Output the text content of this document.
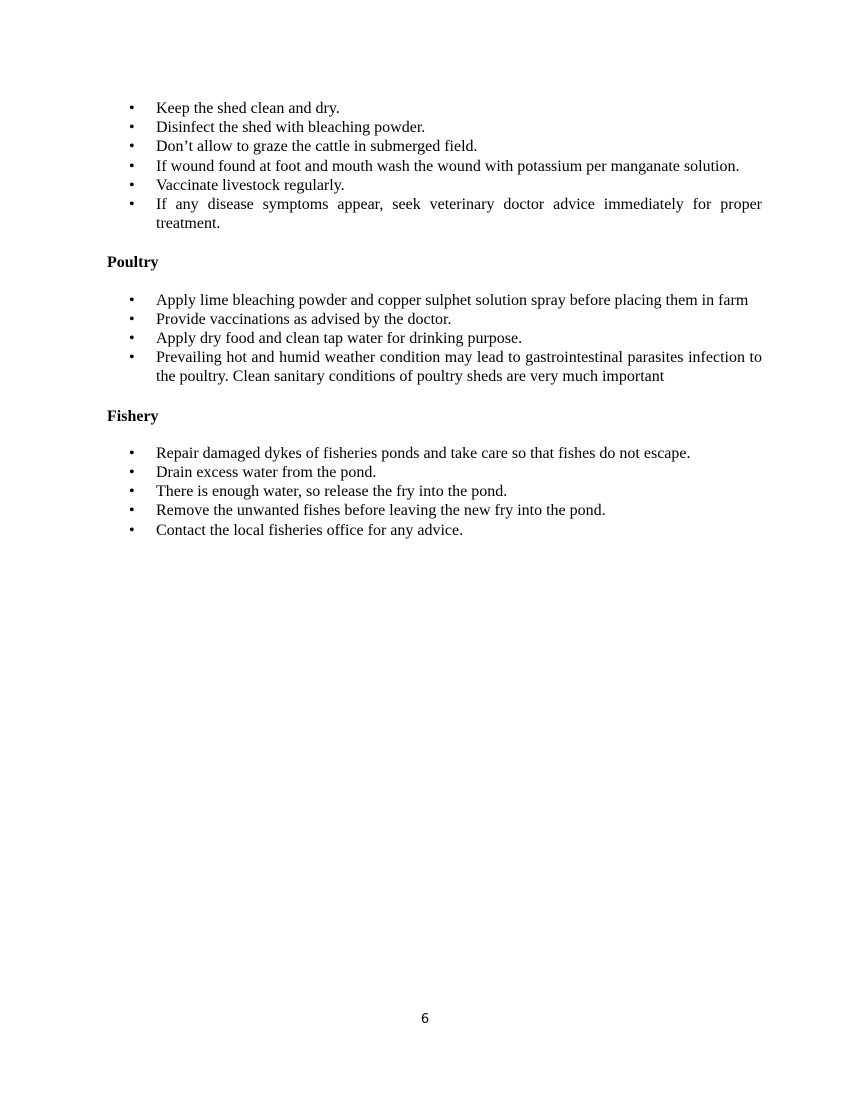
• Keep the shed clean and dry.
• Disinfect the shed with bleaching powder.
• Don’t allow to graze the cattle in submerged field.
• If wound found at foot and mouth wash the wound with potassium per manganate solution.
• Vaccinate livestock regularly.
• If any disease symptoms appear, seek veterinary doctor advice immediately for proper treatment.

Poultry

• Apply lime bleaching powder and copper sulphet solution spray before placing them in farm
• Provide vaccinations as advised by the doctor.
• Apply dry food and clean tap water for drinking purpose.
• Prevailing hot and humid weather condition may lead to gastrointestinal parasites infection to the poultry. Clean sanitary conditions of poultry sheds are very much important

Fishery

• Repair damaged dykes of fisheries ponds and take care so that fishes do not escape.
• Drain excess water from the pond.
• There is enough water, so release the fry into the pond.
• Remove the unwanted fishes before leaving the new fry into the pond.
• Contact the local fisheries office for any advice.
6
